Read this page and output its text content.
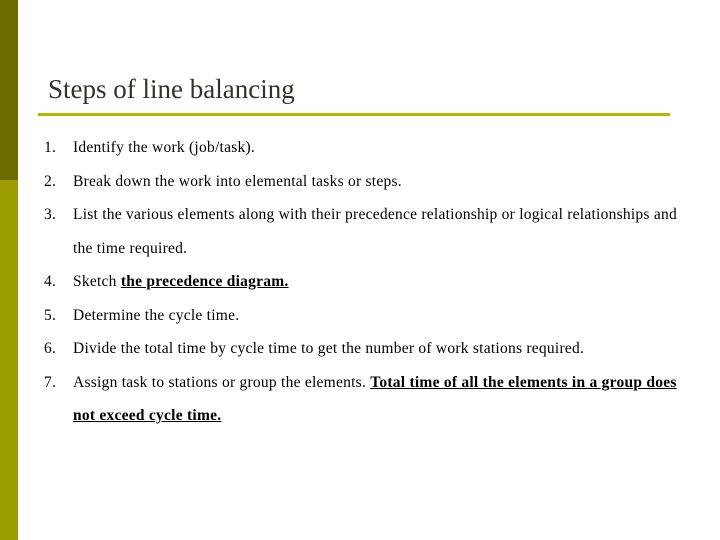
Steps of line balancing
1.	Identify the work (job/task).
2.	Break down the work into elemental tasks or steps.
3.	List the various elements along with their precedence relationship or logical relationships and the time required.
4.	Sketch the precedence diagram.
5.	Determine the cycle time.
6.	Divide the total time by cycle time to get the number of work stations required.
7.	Assign task to stations or group the elements. Total time of all the elements in a group does not exceed cycle time.
